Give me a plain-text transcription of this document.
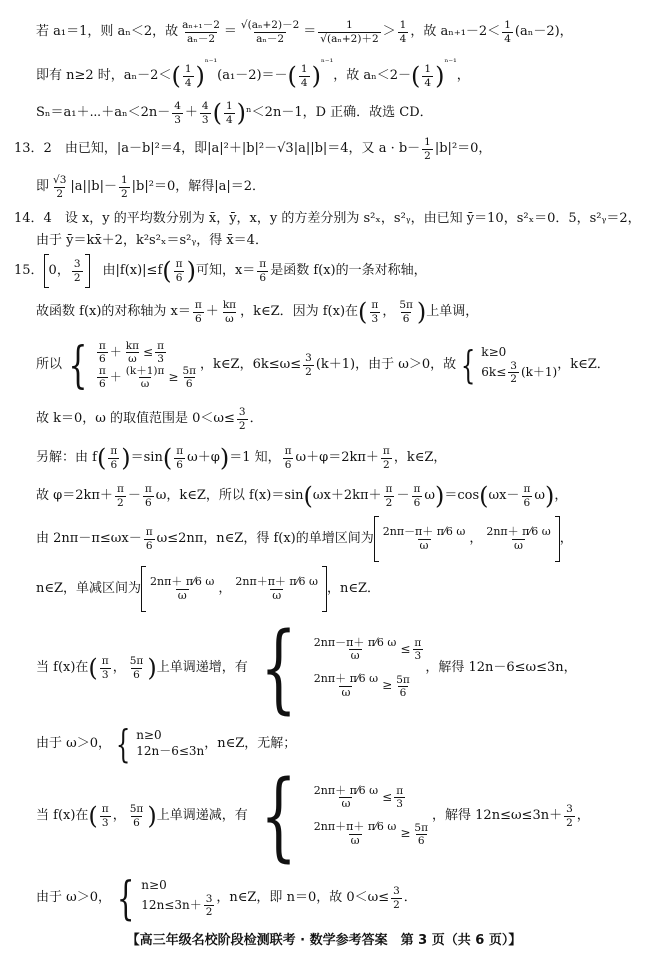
若 a₁＝1，则 aₙ＜2，故 $\frac{\text{aₙ₊₁－2}}{\text{aₙ－2}} = \frac{\text{√(aₙ+2)－2}}{\text{aₙ－2}} = \frac{1}{\text{√(aₙ+2)＋2}} > \frac{1}{4}$ ，故 $a_{n+1}-2< \frac{1}{4} (a_n-2)$，
即有 n≥2 时，aₙ－2＜ ( $\frac{1}{4} )^{^{n-1}}$
(a₁－2)＝－ ( $\frac{1}{4} )^{^{n-1}}$
，故 aₙ＜2－ ( $\frac{1}{4} )^{^{n-1}}$
，
Sₙ＝a₁＋⋯＋aₙ＜2n－ $\frac{4}{3} + \frac{4}{3}$ ( $\frac{1}{4}$ ) ⁿ＜2n－1，D 正确．故选 CD．
13．2　由已知，|a－b|²＝4，即|a|²＋|b|²－√3|a||b|＝4，又 $a \cdot b- \frac{1}{2} |b|^2=0$，
即 $\frac{√3}{2} |a||b|- \frac{1}{2} |b|^2=0$，解得|a|＝2．
14．4　设 x，y 的平均数分别为 x̄，ȳ，x，y 的方差分别为 s²ₓ，s²ᵧ，由已知 ȳ＝10，s²ₓ＝0．5，s²ᵧ＝2，
由于 ȳ＝kx̄＋2，k²s²ₓ＝s²ᵧ，得 x̄＝4．
15． 0， $\frac{3}{2}$ 　由|f(x)|≤f ( $\frac{\pi}{6}$ ) 可知，$x= \frac{\pi}{6}$ 是函数 f(x)的一条对称轴，
故函数 f(x)的对称轴为 $x= \frac{\pi}{6} + \frac{k\pi}{\omega}$ ，k∈Z．因为 f(x)在 ( $\frac{\pi}{3}$ ， $\frac{5\pi}{6}$ ) 上单调，
所以 { $\frac{\pi}{6} + \frac{k\pi}{\omega} \le \frac{\pi}{3}$
$\frac{\pi}{6} + \frac{(k+1)\pi}{\omega} \ge \frac{5\pi}{6}$
，k∈Z，$6k\le\omega\le \frac{3}{2} (k+1)$，由于 ω＞0，故 { k≥0
$6k\le \frac{3}{2} (k+1)$ ，k∈Z．
故 k＝0，ω 的取值范围是 $0<\omega\le \frac{3}{2}$ ．
另解：由 f ( $\frac{\pi}{6}$ ) ＝sin ( $\frac{\pi}{6} \omega+\varphi$ ) ＝1 知， $\frac{\pi}{6} \omega+\varphi=2k\pi+ \frac{\pi}{2}$ ，k∈Z，
故 $\varphi=2k\pi+ \frac{\pi}{2} - \frac{\pi}{6}$ ω，k∈Z，所以 f(x)＝sin ( $\omega x+2k\pi+ \frac{\pi}{2} - \frac{\pi}{6}$ ω ) ＝cos ( $\omega x- \frac{\pi}{6}$ ω ) ，
由 $2n\pi-\pi\le\omega x- \frac{\pi}{6} \omega\le 2n\pi$，n∈Z，得 f(x)的单增区间为 $\frac{2n\pi-\pi+ \pi⁄6 \omega}{\omega}$ ， $\frac{2n\pi+ \pi⁄6 \omega}{\omega}$ ，
n∈Z，单减区间为 $\frac{2n\pi+ \pi⁄6 \omega}{\omega}$ ， $\frac{2n\pi+\pi+ \pi⁄6 \omega}{\omega}$ ，n∈Z．
当 f(x)在 ( $\frac{\pi}{3}$ ， $\frac{5\pi}{6}$ ) 上单调递增，有 { $\frac{2n\pi-\pi+ \pi⁄6 \omega}{\omega} \le \frac{\pi}{3}$
$\frac{2n\pi+ \pi⁄6 \omega}{\omega} \ge \frac{5\pi}{6}$
，解得 12n－6≤ω≤3n，
由于 ω＞0， { n≥0
12n－6≤3n ，n∈Z，无解；
当 f(x)在 ( $\frac{\pi}{3}$ ， $\frac{5\pi}{6}$ ) 上单调递减，有 { $\frac{2n\pi+ \pi⁄6 \omega}{\omega} \le \frac{\pi}{3}$
$\frac{2n\pi+\pi+ \pi⁄6 \omega}{\omega} \ge \frac{5\pi}{6}$
，解得 $12n\le\omega\le 3n+ \frac{3}{2}$ ，
由于 ω＞0， { n≥0
$12n\le 3n+ \frac{3}{2}$ ，n∈Z，即 n＝0，故 $0<\omega\le \frac{3}{2}$ ．
【高三年级名校阶段检测联考 · 数学参考答案　第 3 页（共 6 页）】
